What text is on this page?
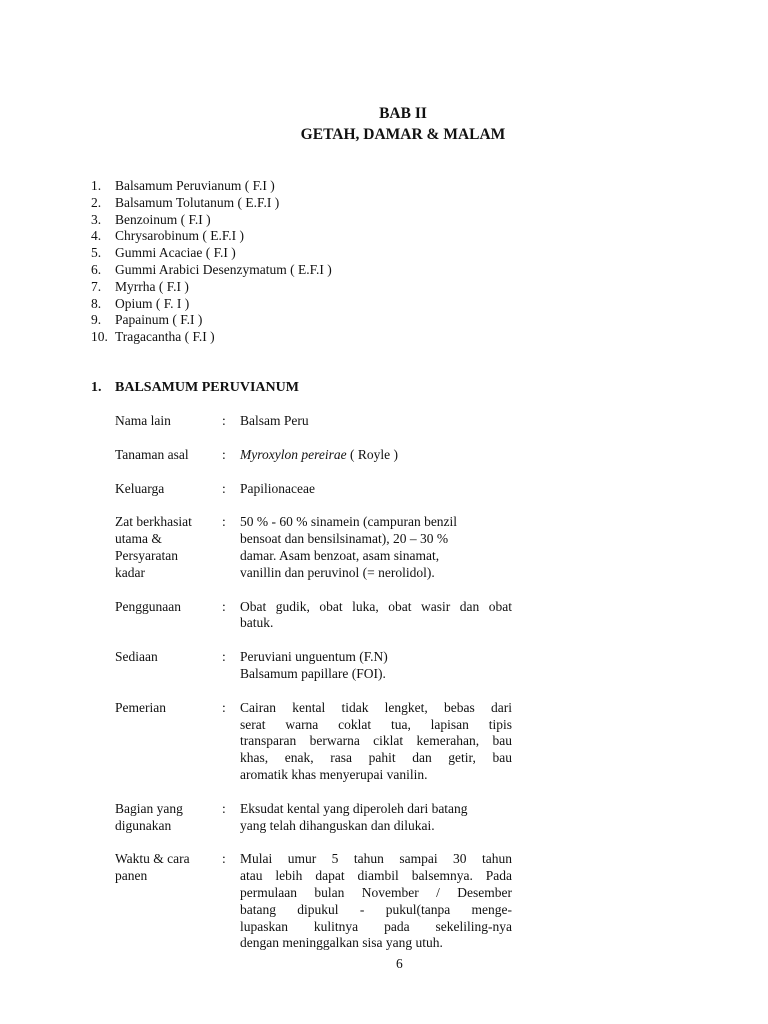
BAB II
GETAH, DAMAR & MALAM
1.	Balsamum Peruvianum ( F.I )
2.	Balsamum Tolutanum ( E.F.I )
3.	Benzoinum ( F.I )
4.	Chrysarobinum ( E.F.I )
5.	Gummi Acaciae ( F.I )
6.	Gummi Arabici Desenzymatum ( E.F.I )
7.	Myrrha ( F.I )
8.	Opium ( F. I )
9.	Papainum ( F.I )
10. Tragacantha ( F.I )
1. BALSAMUM PERUVIANUM
Nama lain	:	Balsam Peru
Tanaman asal	:	Myroxylon pereirae ( Royle )
Keluarga	:	Papilionaceae
Zat berkhasiat
utama &
Persyaratan
kadar
:	50 % - 60 % sinamein (campuran benzil
bensoat dan bensilsinamat), 20 – 30 %
damar. Asam benzoat, asam sinamat,
vanillin dan peruvinol (= nerolidol).
Penggunaan	:	Obat gudik, obat luka, obat wasir dan obat
batuk.
Sediaan	:	Peruviani unguentum (F.N)
Balsamum papillare (FOI).
Pemerian	:	Cairan kental tidak lengket, bebas dari
serat warna coklat tua, lapisan tipis
transparan berwarna ciklat kemerahan, bau
khas, enak, rasa pahit dan getir, bau
aromatik khas menyerupai vanilin.
Bagian yang
digunakan
:	Eksudat kental yang diperoleh dari batang
yang telah dihanguskan dan dilukai.
Waktu & cara
panen
:	Mulai umur 5 tahun sampai 30 tahun
atau lebih dapat diambil balsemnya. Pada
permulaan bulan November / Desember
batang dipukul - pukul(tanpa menge-
lupaskan kulitnya pada sekeliling-nya
dengan meninggalkan sisa yang utuh.
6
